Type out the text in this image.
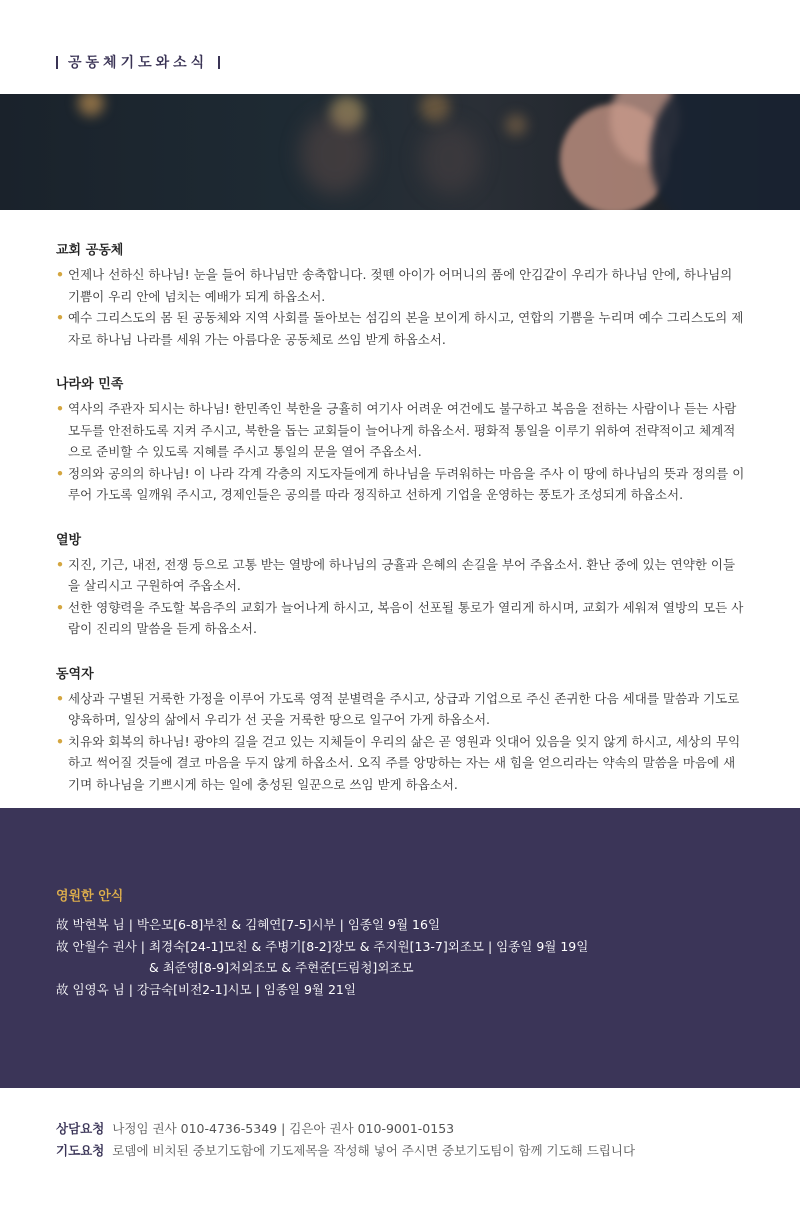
공동체기도와소식

교회 공동체

• 언제나 선하신 하나님! 눈을 들어 하나님만 송축합니다. 젖뗀 아이가 어머니의 품에 안김같이 우리가 하나님 안에, 하나님의 기쁨이 우리 안에 넘치는 예배가 되게 하옵소서.

• 예수 그리스도의 몸 된 공동체와 지역 사회를 돌아보는 섬김의 본을 보이게 하시고, 연합의 기쁨을 누리며 예수 그리스도의 제자로 하나님 나라를 세워 가는 아름다운 공동체로 쓰임 받게 하옵소서.

나라와 민족

• 역사의 주관자 되시는 하나님! 한민족인 북한을 긍휼히 여기사 어려운 여건에도 불구하고 복음을 전하는 사람이나 듣는 사람 모두를 안전하도록 지켜 주시고, 북한을 돕는 교회들이 늘어나게 하옵소서. 평화적 통일을 이루기 위하여 전략적이고 체계적으로 준비할 수 있도록 지혜를 주시고 통일의 문을 열어 주옵소서.

• 정의와 공의의 하나님! 이 나라 각계 각층의 지도자들에게 하나님을 두려워하는 마음을 주사 이 땅에 하나님의 뜻과 정의를 이루어 가도록 일깨워 주시고, 경제인들은 공의를 따라 정직하고 선하게 기업을 운영하는 풍토가 조성되게 하옵소서.

열방

• 지진, 기근, 내전, 전쟁 등으로 고통 받는 열방에 하나님의 긍휼과 은혜의 손길을 부어 주옵소서. 환난 중에 있는 연약한 이들을 살리시고 구원하여 주옵소서.

• 선한 영향력을 주도할 복음주의 교회가 늘어나게 하시고, 복음이 선포될 통로가 열리게 하시며, 교회가 세워져 열방의 모든 사람이 진리의 말씀을 듣게 하옵소서.

동역자

• 세상과 구별된 거룩한 가정을 이루어 가도록 영적 분별력을 주시고, 상급과 기업으로 주신 존귀한 다음 세대를 말씀과 기도로 양육하며, 일상의 삶에서 우리가 선 곳을 거룩한 땅으로 일구어 가게 하옵소서.

• 치유와 회복의 하나님! 광야의 길을 걷고 있는 지체들이 우리의 삶은 곧 영원과 잇대어 있음을 잊지 않게 하시고, 세상의 무익하고 썩어질 것들에 결코 마음을 두지 않게 하옵소서. 오직 주를 앙망하는 자는 새 힘을 얻으리라는 약속의 말씀을 마음에 새기며 하나님을 기쁘시게 하는 일에 충성된 일꾼으로 쓰임 받게 하옵소서.

영원한 안식

故 박현복 님 | 박은모[6-8]부친 & 김혜연[7-5]시부 | 임종일 9월 16일

故 안월수 권사 | 최경숙[24-1]모친 & 주병기[8-2]장모 & 주지원[13-7]외조모 | 임종일 9월 19일

& 최준영[8-9]처외조모 & 주현준[드림청]외조모

故 임영옥 님 | 강금숙[비전2-1]시모 | 임종일 9월 21일

상담요청 나정임 권사 010-4736-5349 | 김은아 권사 010-9001-0153

기도요청 로뎀에 비치된 중보기도함에 기도제목을 작성해 넣어 주시면 중보기도팀이 함께 기도해 드립니다
